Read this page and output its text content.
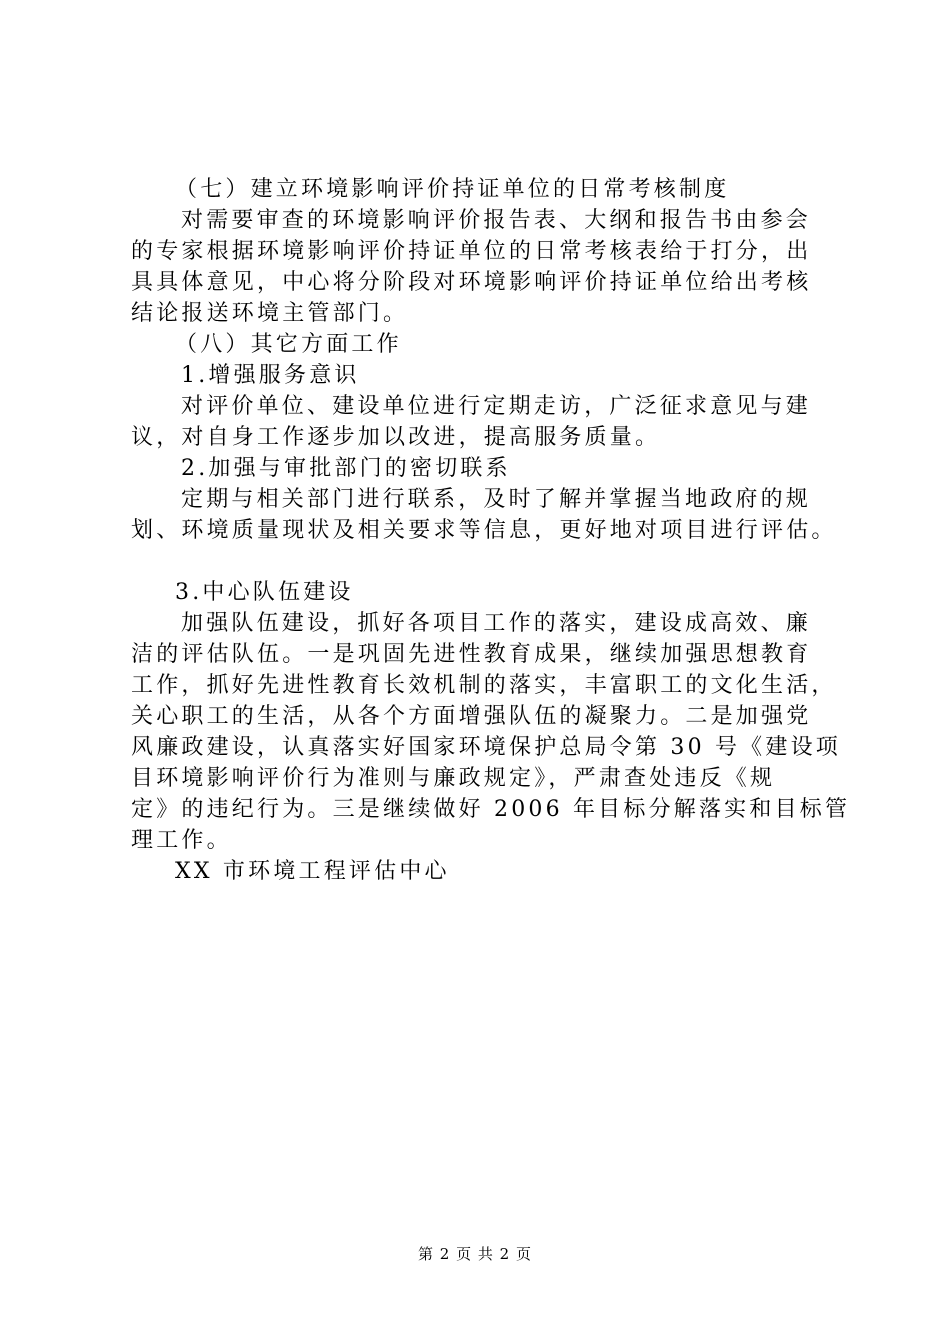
（七）建立环境影响评价持证单位的日常考核制度

对需要审查的环境影响评价报告表、大纲和报告书由参会

的专家根据环境影响评价持证单位的日常考核表给于打分，出

具具体意见，中心将分阶段对环境影响评价持证单位给出考核

结论报送环境主管部门。

（八）其它方面工作

1.增强服务意识

对评价单位、建设单位进行定期走访，广泛征求意见与建

议，对自身工作逐步加以改进，提高服务质量。

2.加强与审批部门的密切联系

定期与相关部门进行联系，及时了解并掌握当地政府的规

划、环境质量现状及相关要求等信息，更好地对项目进行评估。

3.中心队伍建设

加强队伍建设，抓好各项目工作的落实，建设成高效、廉

洁的评估队伍。一是巩固先进性教育成果，继续加强思想教育

工作，抓好先进性教育长效机制的落实，丰富职工的文化生活，

关心职工的生活，从各个方面增强队伍的凝聚力。二是加强党

风廉政建设，认真落实好国家环境保护总局令第 30 号《建设项

目环境影响评价行为准则与廉政规定》，严肃查处违反《规

定》的违纪行为。三是继续做好 2006 年目标分解落实和目标管

理工作。

XX 市环境工程评估中心

第 2 页 共 2 页
